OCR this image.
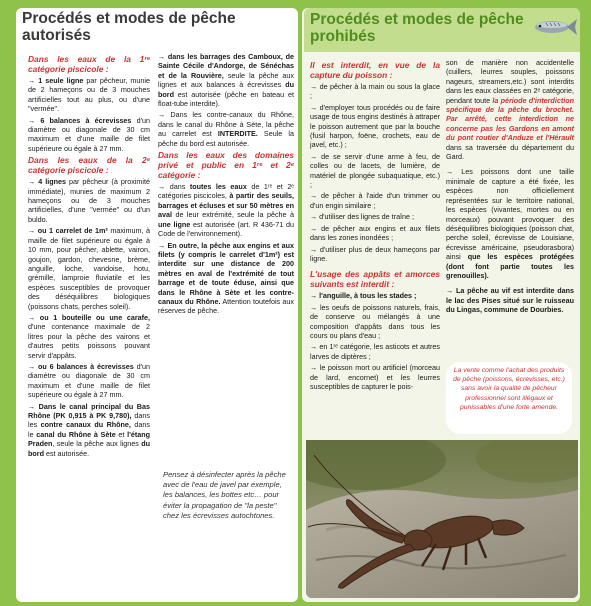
Procédés et modes de pêche
autorisés
Dans les eaux de la 1ʳᵉ catégorie piscicole :

→ 1 seule ligne par pêcheur, munie de 2 hameçons ou de 3 mouches artificielles tout au plus, ou d'une "vermée".

→ 6 balances à écrevisses d'un diamètre ou diagonale de 30 cm maximum et d'une maille de filet supérieure ou égale à 27 mm.

Dans les eaux de la 2ᵉ catégorie piscicole :

→ 4 lignes par pêcheur (à proximité immédiate), munies de maximum 2 hameçons ou de 3 mouches artificielles, d'une "vermée" ou d'un buldo.

→ ou 1 carrelet de 1m² maximum, à maille de filet supérieure ou égale à 10 mm, pour pêcher, ablette, vairon, goujon, gardon, chevesne, brème, anguille, loche, vandoise, hotu, grémille, lamproie fluviatile et les espèces susceptibles de provoquer des déséquilibres biologiques (poissons chats, perches soleil).

→ ou 1 bouteille ou une carafe, d'une contenance maximale de 2 litres pour la pêche des vairons et d'autres petits poissons pouvant servir d'appâts.

→ ou 6 balances à écrevisses d'un diamètre ou diagonale de 30 cm maximum et d'une maille de filet supérieure ou égale à 27 mm.

→ Dans le canal principal du Bas Rhône (PK 0,915 à PK 9,780), dans les contre canaux du Rhône, dans le canal du Rhône à Sète et l'étang Praden, seule la pêche aux lignes du bord est autorisée.

→ dans les barrages des Camboux, de Sainte Cécile d'Andorge, de Sénéchas et de la Rouvière, seule la pêche aux lignes et aux balances à écrevisses du bord est autorisée (pêche en bateau et float-tube interdite).

→ Dans les contre-canaux du Rhône, dans le canal du Rhône à Sète, la pêche au carrelet est INTERDITE. Seule la pêche du bord est autorisée.

Dans les eaux des domaines privé et public en 1ʳᵉ et 2ᵉ catégorie :

→ dans toutes les eaux de 1ʳᵉ et 2ᵉ catégories piscicoles, à partir des seuils, barrages et écluses et sur 50 mètres en aval de leur extrémité, seule la pêche à une ligne est autorisée (art. R 436-71 du Code de l'environnement).

→ En outre, la pêche aux engins et aux filets (y compris le carrelet d'1m²) est interdite sur une distance de 200 mètres en aval de l'extrémité de tout barrage et de toute éduse, ainsi que dans le Rhône à Sète et les contre-canaux du Rhône. Attention toutefois aux réserves de pêche.

Pensez à désinfecter après la pêche avec de l'eau de javel par exemple, les balances, les bottes etc… pour éviter la propagation de "la peste" chez les écrevisses autochtones.
Procédés et modes de pêche
prohibés
Il est interdit, en vue de la capture du poisson :

→ de pêcher à la main ou sous la glace ;

→ d'employer tous procédés ou de faire usage de tous engins destinés à attraper le poisson autrement que par la bouche (fusil harpon, foëne, crochets, eau de javel, etc.) ;

→ de se servir d'une arme à feu, de colles ou de lacets, de lumière, de matériel de plongée subaquatique, etc.) ;

→ de pêcher à l'aide d'un trimmer ou d'un engin similaire ;

→ d'utiliser des lignes de traîne ;

→ de pêcher aux engins et aux filets dans les zones inondées ;

→ d'utiliser plus de deux hameçons par ligne.

L'usage des appâts et amorces suivants est interdit :

→ l'anguille, à tous les stades ;

→ les oeufs de poissons naturels, frais, de conserve ou mélangés à une composition d'appâts dans tous les cours ou plans d'eau ;

→ en 1ʳᵉ catégorie, les asticots et autres larves de diptères ;

→ le poisson mort ou artificiel (morceau de lard, encornet) et les leurres susceptibles de capturer le pois-

son de manière non accidentelle (cuillers, leurres souples, poissons nageurs, streamers,etc.) sont interdits dans les eaux classées en 2ᵉ catégorie, pendant toute la période d'interdiction spécifique de la pêche du brochet. Par arrêté, cette interdiction ne concerne pas les Gardons en amont du pont routier d'Anduze et l'Hérault dans sa traversée du département du Gard.

→ Les poissons dont une taille minimale de capture a été fixée, les espèces non officiellement représentées sur le territoire national, les espèces (vivantes, mortes ou en morceaux) pouvant provoquer des déséquilibres biologiques (poisson chat, perche soleil, écrevisse de Louisiane, écrevisse américaine, pseudorasbora) ainsi que les espèces protégées (dont font partie toutes les grenouilles).

→ La pêche au vif est interdite dans le lac des Pises situé sur le ruisseau du Lingas, commune de Dourbies.

La vente comme l'achat des produits de pêche (poissons, écrevisses, etc.) sans avoir la qualité de pêcheur professionnel sont illégaux et punissables d'une forte amende.
